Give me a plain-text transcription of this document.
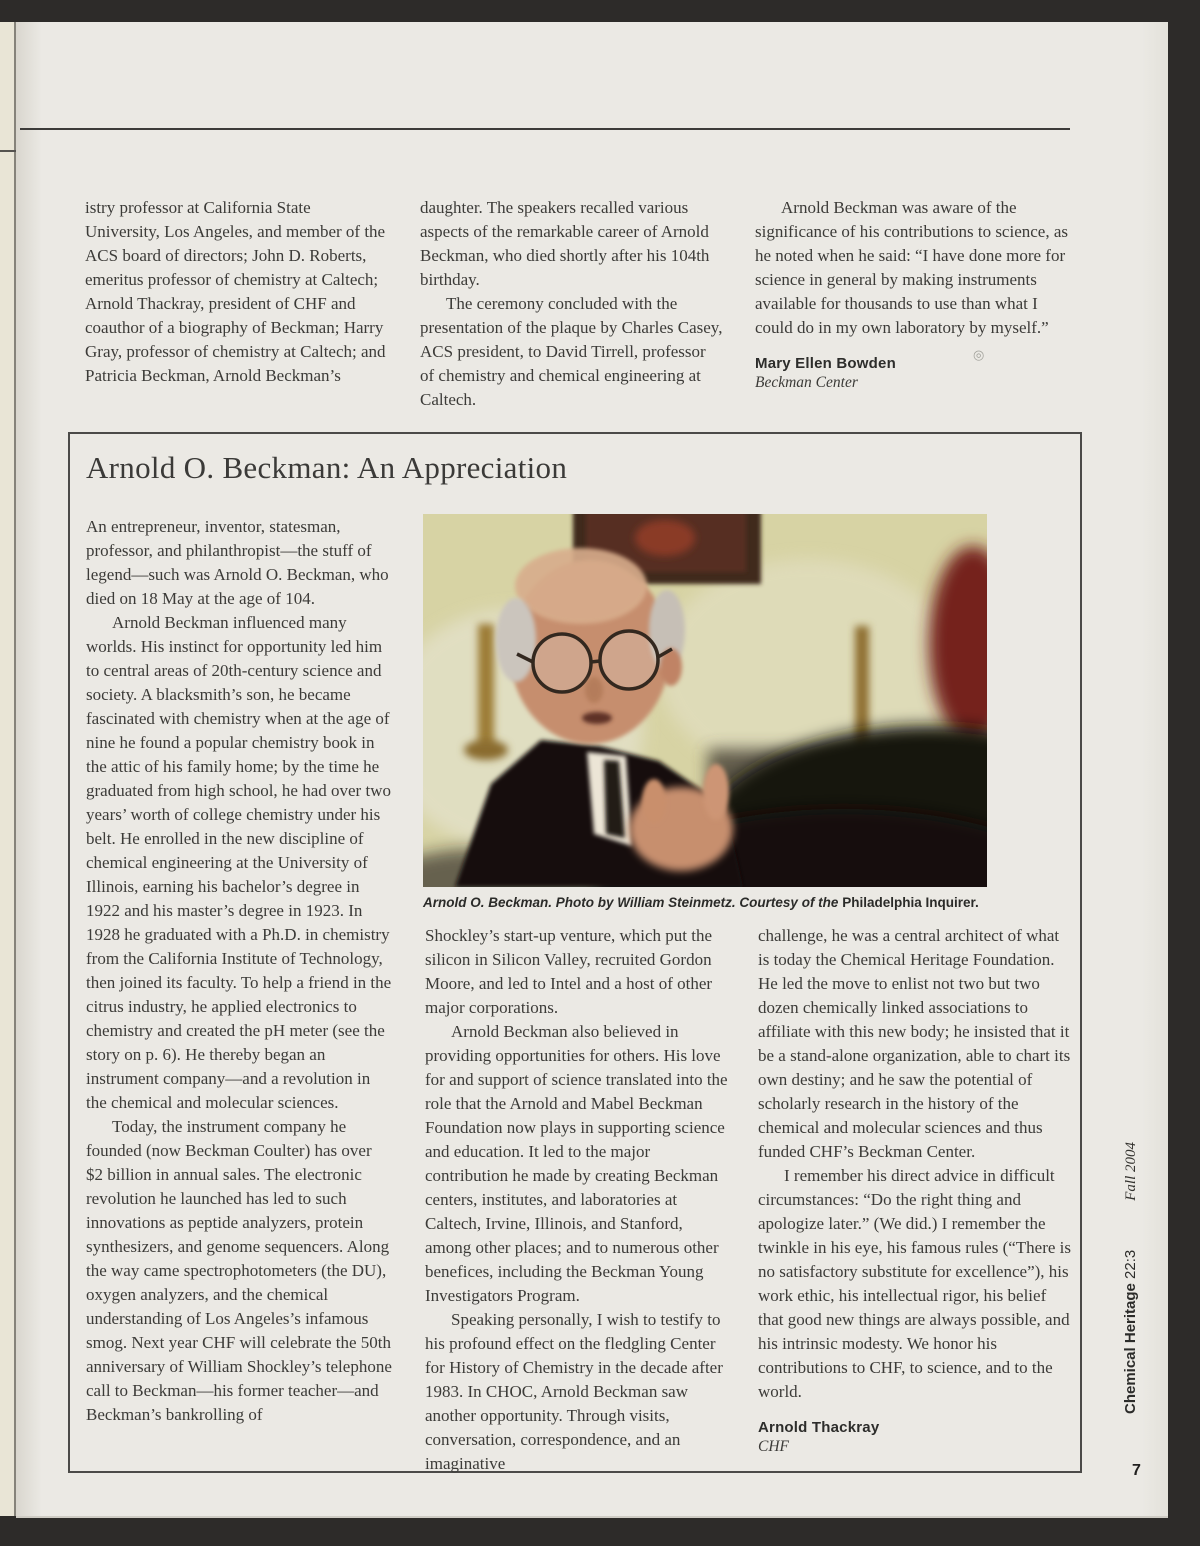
istry professor at California State University, Los Angeles, and member of the ACS board of directors; John D. Roberts, emeritus professor of chemistry at Caltech; Arnold Thackray, president of CHF and coauthor of a biography of Beckman; Harry Gray, professor of chemistry at Caltech; and Patricia Beckman, Arnold Beckman’s

daughter. The speakers recalled various aspects of the remarkable career of Arnold Beckman, who died shortly after his 104th birthday.

The ceremony concluded with the presentation of the plaque by Charles Casey, ACS president, to David Tirrell, professor of chemistry and chemical engineering at Caltech.

Arnold Beckman was aware of the significance of his contributions to science, as he noted when he said: “I have done more for science in general by making instruments available for thousands to use than what I could do in my own laboratory by myself.”

Mary Ellen Bowden
Beckman Center
◎
Arnold O. Beckman: An Appreciation

An entrepreneur, inventor, statesman, professor, and philanthropist—the stuff of legend—such was Arnold O. Beckman, who died on 18 May at the age of 104.

Arnold Beckman influenced many worlds. His instinct for opportunity led him to central areas of 20th-century science and society. A blacksmith’s son, he became fascinated with chemistry when at the age of nine he found a popular chemistry book in the attic of his family home; by the time he graduated from high school, he had over two years’ worth of college chemistry under his belt. He enrolled in the new discipline of chemical engineering at the University of Illinois, earning his bachelor’s degree in 1922 and his master’s degree in 1923. In 1928 he graduated with a Ph.D. in chemistry from the California Institute of Technology, then joined its faculty. To help a friend in the citrus industry, he applied electronics to chemistry and created the pH meter (see the story on p. 6). He thereby began an instrument company—and a revolution in the chemical and molecular sciences.

Today, the instrument company he founded (now Beckman Coulter) has over $2 billion in annual sales. The electronic revolution he launched has led to such innovations as peptide analyzers, protein synthesizers, and genome sequencers. Along the way came spectrophotometers (the DU), oxygen analyzers, and the chemical understanding of Los Angeles’s infamous smog. Next year CHF will celebrate the 50th anniversary of William Shockley’s telephone call to Beckman—his former teacher—and Beckman’s bankrolling of

Arnold O. Beckman. Photo by William Steinmetz. Courtesy of the Philadelphia Inquirer.

Shockley’s start-up venture, which put the silicon in Silicon Valley, recruited Gordon Moore, and led to Intel and a host of other major corporations.

Arnold Beckman also believed in providing opportunities for others. His love for and support of science translated into the role that the Arnold and Mabel Beckman Foundation now plays in supporting science and education. It led to the major contribution he made by creating Beckman centers, institutes, and laboratories at Caltech, Irvine, Illinois, and Stanford, among other places; and to numerous other benefices, including the Beckman Young Investigators Program.

Speaking personally, I wish to testify to his profound effect on the fledgling Center for History of Chemistry in the decade after 1983. In CHOC, Arnold Beckman saw another opportunity. Through visits, conversation, correspondence, and an imaginative

challenge, he was a central architect of what is today the Chemical Heritage Foundation. He led the move to enlist not two but two dozen chemically linked associations to affiliate with this new body; he insisted that it be a stand-alone organization, able to chart its own destiny; and he saw the potential of scholarly research in the history of the chemical and molecular sciences and thus funded CHF’s Beckman Center.

I remember his direct advice in difficult circumstances: “Do the right thing and apologize later.” (We did.) I remember the twinkle in his eye, his famous rules (“There is no satisfactory substitute for excellence”), his work ethic, his intellectual rigor, his belief that good new things are always possible, and his intrinsic modesty. We honor his contributions to CHF, to science, and to the world.

Arnold Thackray
CHF
Chemical Heritage 22:3
Fall 2004
7
